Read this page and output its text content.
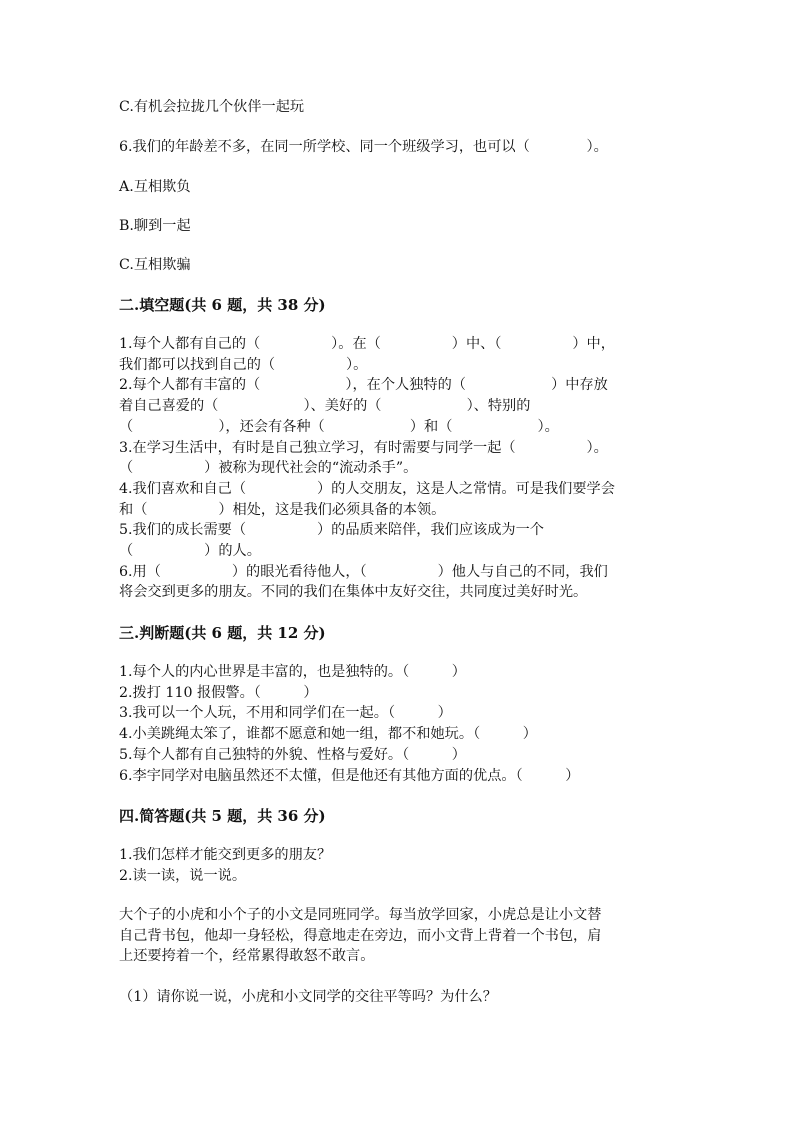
C.有机会拉拢几个伙伴一起玩
6.我们的年龄差不多，在同一所学校、同一个班级学习，也可以（　　　　）。
A.互相欺负
B.聊到一起
C.互相欺骗
二.填空题(共 6 题，共 38 分)
1.每个人都有自己的（　　　　　）。在（　　　　　）中、（　　　　　）中，
我们都可以找到自己的（　　　　　）。
2.每个人都有丰富的（　　　　　　），在个人独特的（　　　　　　）中存放
着自己喜爱的（　　　　　　）、美好的（　　　　　　）、特别的
（　　　　　　），还会有各种（　　　　　　）和（　　　　　　）。
3.在学习生活中，有时是自己独立学习，有时需要与同学一起（　　　　　）。
（　　　　　）被称为现代社会的“流动杀手”。
4.我们喜欢和自己（　　　　　）的人交朋友，这是人之常情。可是我们要学会
和（　　　　　）相处，这是我们必须具备的本领。
5.我们的成长需要（　　　　　）的品质来陪伴，我们应该成为一个
（　　　　　）的人。
6.用（　　　　　）的眼光看待他人，（　　　　　）他人与自己的不同，我们
将会交到更多的朋友。不同的我们在集体中友好交往，共同度过美好时光。
三.判断题(共 6 题，共 12 分)
1.每个人的内心世界是丰富的，也是独特的。（　　　）
2.拨打 110 报假警。（　　　）
3.我可以一个人玩，不用和同学们在一起。（　　　）
4.小美跳绳太笨了，谁都不愿意和她一组，都不和她玩。（　　　）
5.每个人都有自己独特的外貌、性格与爱好。（　　　）
6.李宇同学对电脑虽然还不太懂，但是他还有其他方面的优点。（　　　）
四.简答题(共 5 题，共 36 分)
1.我们怎样才能交到更多的朋友？
2.读一读，说一说。
大个子的小虎和小个子的小文是同班同学。每当放学回家，小虎总是让小文替
自己背书包，他却一身轻松，得意地走在旁边，而小文背上背着一个书包，肩
上还要挎着一个，经常累得敢怒不敢言。
（1）请你说一说，小虎和小文同学的交往平等吗？为什么？
